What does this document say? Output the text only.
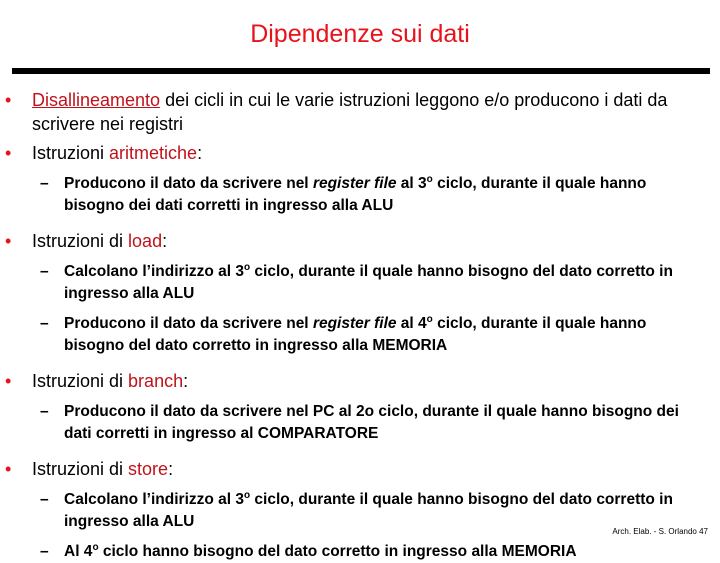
Dipendenze sui dati
• Disallineamento dei cicli in cui le varie istruzioni leggono e/o producono i dati da scrivere nei registri
• Istruzioni aritmetiche:
– Producono il dato da scrivere nel register file al 3$^o$ ciclo, durante il quale hanno bisogno dei dati corretti in ingresso alla ALU
• Istruzioni di load:
– Calcolano l’indirizzo al 3$^o$ ciclo, durante il quale hanno bisogno del dato corretto in ingresso alla ALU
– Producono il dato da scrivere nel register file al 4$^o$ ciclo, durante il quale hanno bisogno del dato corretto in ingresso alla MEMORIA
• Istruzioni di branch:
– Producono il dato da scrivere nel PC al 2o ciclo, durante il quale hanno bisogno dei dati corretti in ingresso al COMPARATORE
• Istruzioni di store:
– Calcolano l’indirizzo al 3$^o$ ciclo, durante il quale hanno bisogno del dato corretto in ingresso alla ALU
– Al 4$^o$ ciclo hanno bisogno del dato corretto in ingresso alla MEMORIA
Arch. Elab. - S. Orlando 47
